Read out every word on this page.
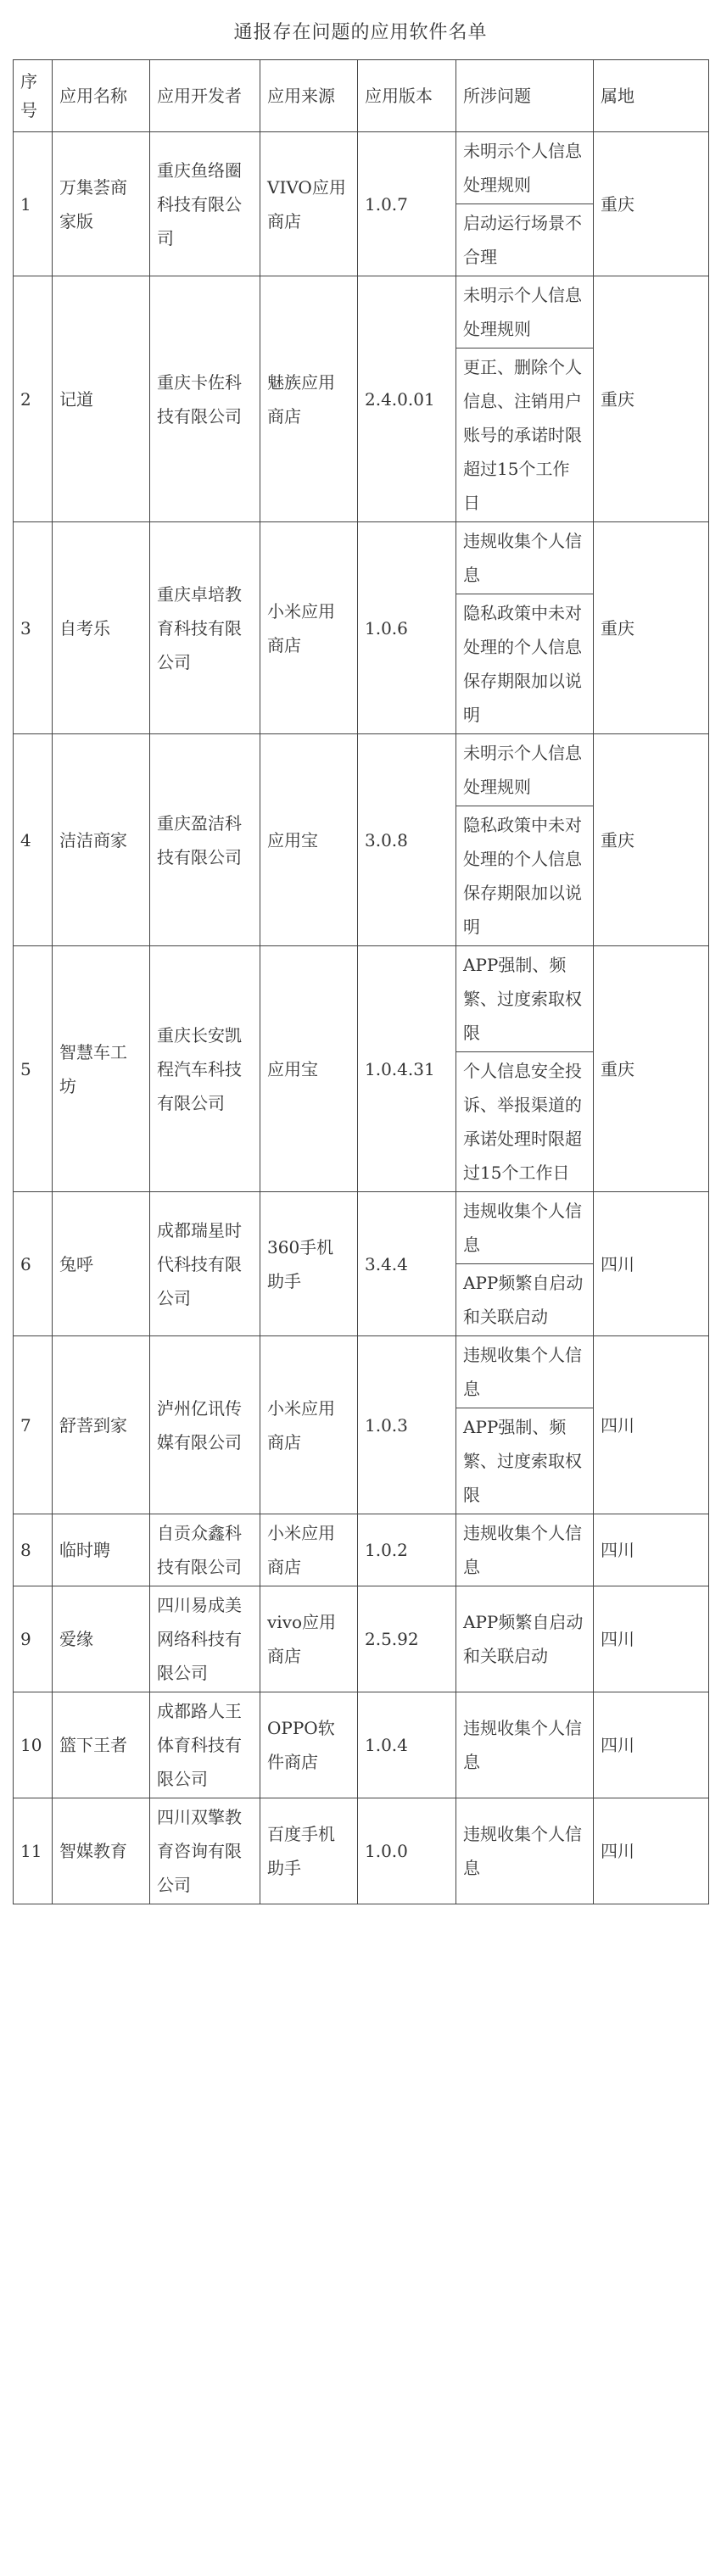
通报存在问题的应用软件名单
序号	应用名称	应用开发者	应用来源	应用版本	所涉问题	属地
1	万集荟商家版	重庆鱼络圈科技有限公司	VIVO应用商店	1.0.7	未明示个人信息处理规则	重庆
					启动运行场景不合理	
2	记道	重庆卡佐科技有限公司	魅族应用商店	2.4.0.01	未明示个人信息处理规则	重庆
					更正、删除个人信息、注销用户账号的承诺时限超过15个工作日	
3	自考乐	重庆卓培教育科技有限公司	小米应用商店	1.0.6	违规收集个人信息	重庆
					隐私政策中未对处理的个人信息保存期限加以说明	
4	洁洁商家	重庆盈洁科技有限公司	应用宝	3.0.8	未明示个人信息处理规则	重庆
					隐私政策中未对处理的个人信息保存期限加以说明	
5	智慧车工坊	重庆长安凯程汽车科技有限公司	应用宝	1.0.4.31	APP强制、频繁、过度索取权限	重庆
					个人信息安全投诉、举报渠道的承诺处理时限超过15个工作日	
6	兔呼	成都瑞星时代科技有限公司	360手机助手	3.4.4	违规收集个人信息	四川
					APP频繁自启动和关联启动	
7	舒菩到家	泸州亿讯传媒有限公司	小米应用商店	1.0.3	违规收集个人信息	四川
					APP强制、频繁、过度索取权限	
8	临时聘	自贡众鑫科技有限公司	小米应用商店	1.0.2	违规收集个人信息	四川
9	爱缘	四川易成美网络科技有限公司	vivo应用商店	2.5.92	APP频繁自启动和关联启动	四川
10	篮下王者	成都路人王体育科技有限公司	OPPO软件商店	1.0.4	违规收集个人信息	四川
11	智媒教育	四川双擎教育咨询有限公司	百度手机助手	1.0.0	违规收集个人信息	四川
